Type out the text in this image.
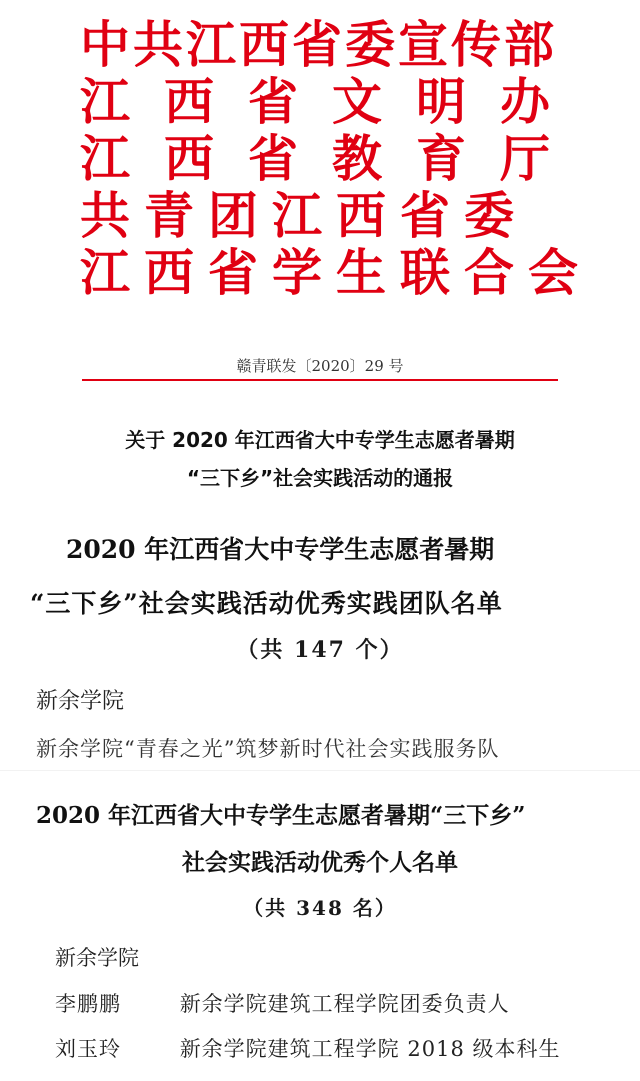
中共江西省委宣传部
江西省文明办
江西省教育厅
共青团江西省委
江西省学生联合会
赣青联发〔2020〕29 号
关于 2020 年江西省大中专学生志愿者暑期
“三下乡”社会实践活动的通报
2020 年江西省大中专学生志愿者暑期
“三下乡”社会实践活动优秀实践团队名单
（共 147 个）
新余学院
新余学院“青春之光”筑梦新时代社会实践服务队
2020 年江西省大中专学生志愿者暑期“三下乡”
社会实践活动优秀个人名单
（共 348 名）
新余学院
李鹏鹏	新余学院建筑工程学院团委负责人
刘玉玲	新余学院建筑工程学院 2018 级本科生
